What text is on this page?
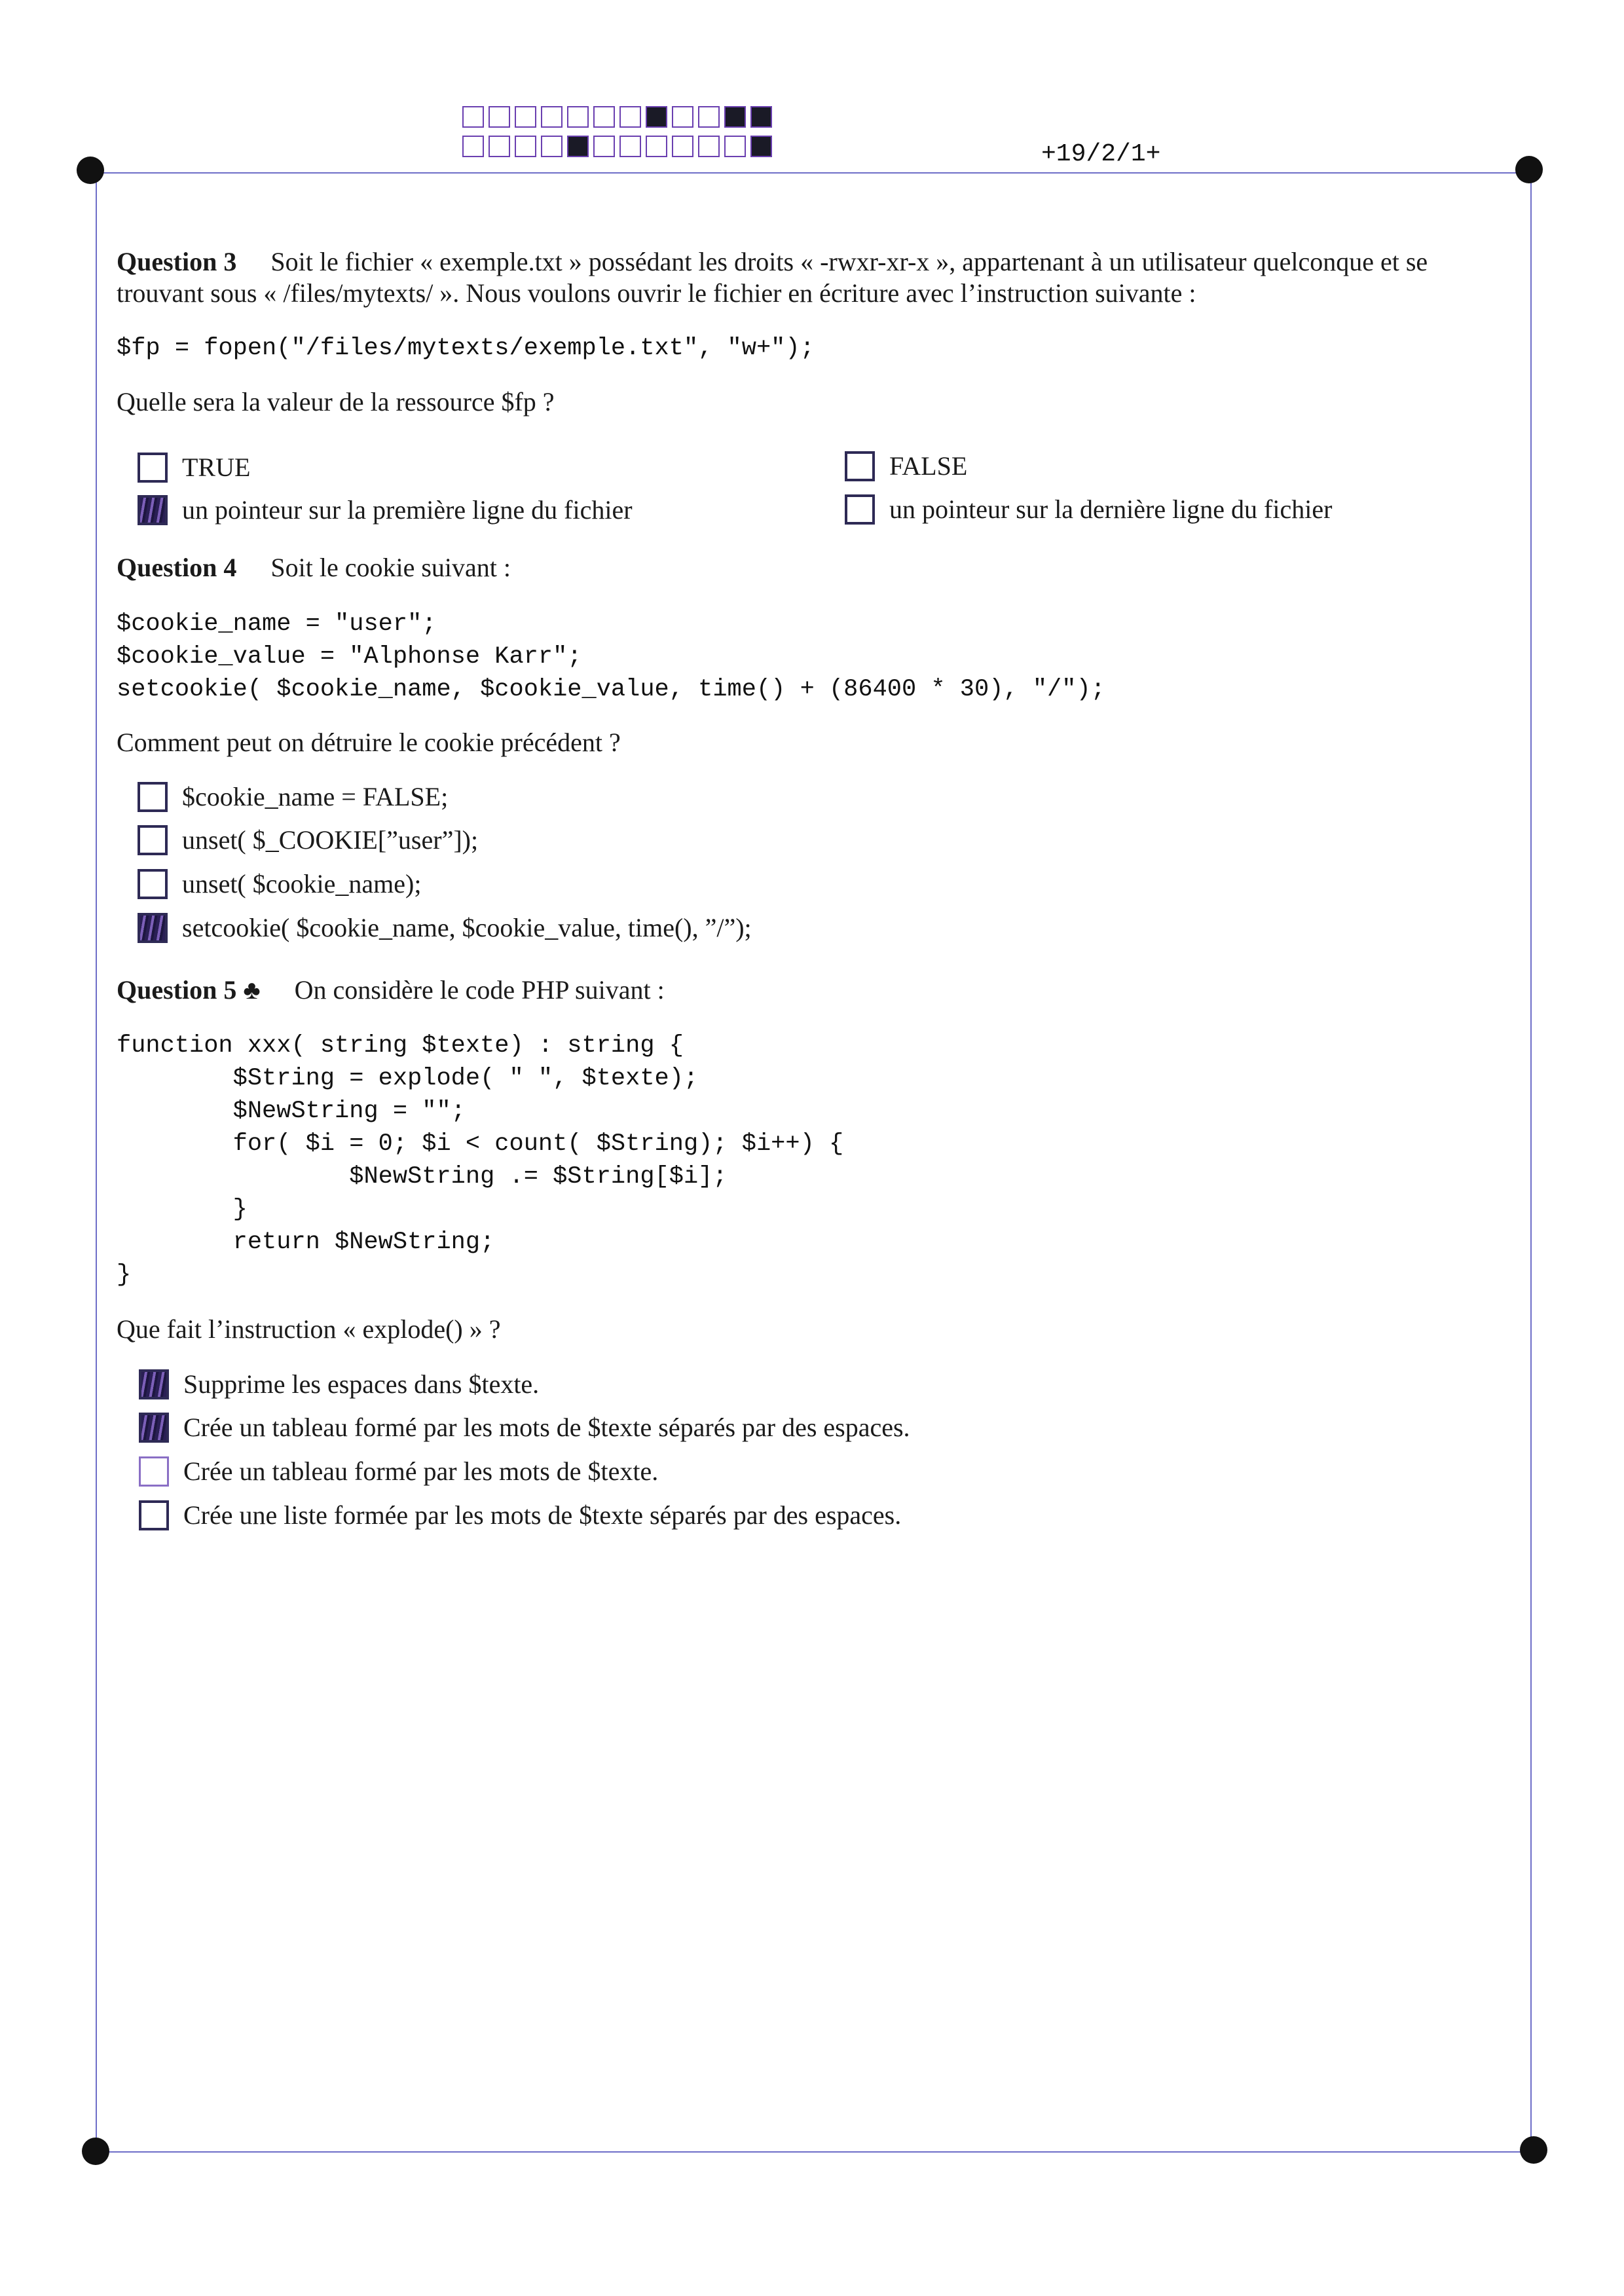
+19/2/1+
Question 3 Soit le fichier « exemple.txt » possédant les droits « -rwxr-xr-x », appartenant à un utilisateur quelconque et se
trouvant sous « /files/mytexts/ ». Nous voulons ouvrir le fichier en écriture avec l’instruction suivante :
$fp = fopen("/files/mytexts/exemple.txt", "w+");
Quelle sera la valeur de la ressource $fp ?
TRUE	FALSE
un pointeur sur la première ligne du fichier	un pointeur sur la dernière ligne du fichier
Question 4 Soit le cookie suivant :
$cookie_name = "user";
$cookie_value = "Alphonse Karr";
setcookie( $cookie_name, $cookie_value, time() + (86400 * 30), "/");
Comment peut on détruire le cookie précédent ?
$cookie_name = FALSE;
unset( $_COOKIE[”user”]);
unset( $cookie_name);
setcookie( $cookie_name, $cookie_value, time(), ”/”);
Question 5 ♣ On considère le code PHP suivant :
function xxx( string $texte) : string {
$String = explode( " ", $texte);
$NewString = "";
for( $i = 0; $i < count( $String); $i++) {
$NewString .= $String[$i];
}
return $NewString;
}
Que fait l’instruction « explode() » ?
Supprime les espaces dans $texte.
Crée un tableau formé par les mots de $texte séparés par des espaces.
Crée un tableau formé par les mots de $texte.
Crée une liste formée par les mots de $texte séparés par des espaces.
